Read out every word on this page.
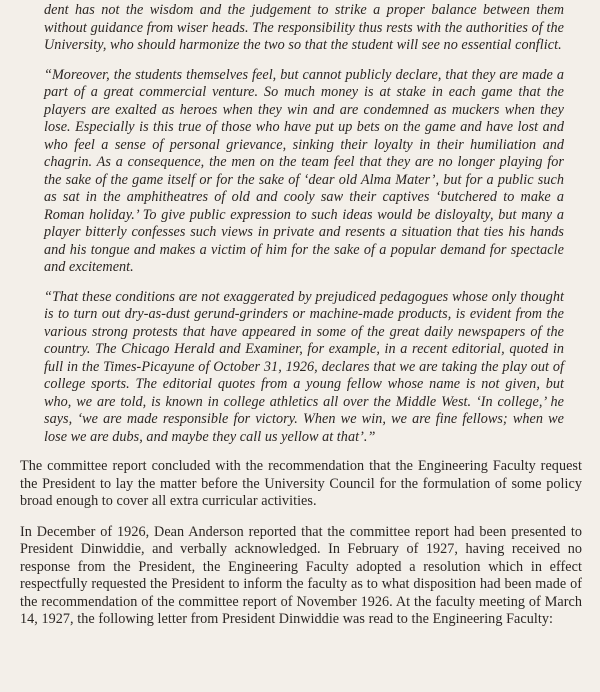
dent has not the wisdom and the judgement to strike a proper balance between them without guidance from wiser heads. The responsibility thus rests with the authorities of the University, who should harmonize the two so that the student will see no essential conflict.

“Moreover, the students themselves feel, but cannot publicly declare, that they are made a part of a great commercial venture. So much money is at stake in each game that the players are exalted as heroes when they win and are condemned as muckers when they lose. Especially is this true of those who have put up bets on the game and have lost and who feel a sense of personal grievance, sinking their loyalty in their humiliation and chagrin. As a consequence, the men on the team feel that they are no longer playing for the sake of the game itself or for the sake of ‘dear old Alma Mater’, but for a public such as sat in the amphitheatres of old and cooly saw their captives ‘butchered to make a Roman holiday.’ To give public expression to such ideas would be disloyalty, but many a player bitterly confesses such views in private and resents a situation that ties his hands and his tongue and makes a victim of him for the sake of a popular demand for spectacle and excitement.

“That these conditions are not exaggerated by prejudiced pedagogues whose only thought is to turn out dry-as-dust gerund-grinders or machine-made products, is evident from the various strong protests that have appeared in some of the great daily newspapers of the country. The Chicago Herald and Examiner, for example, in a recent editorial, quoted in full in the Times-Picayune of October 31, 1926, declares that we are taking the play out of college sports. The editorial quotes from a young fellow whose name is not given, but who, we are told, is known in college athletics all over the Middle West. ‘In college,’ he says, ‘we are made responsible for victory. When we win, we are fine fellows; when we lose we are dubs, and maybe they call us yellow at that’.”

The committee report concluded with the recommendation that the Engineering Faculty request the President to lay the matter before the University Council for the formulation of some policy broad enough to cover all extra curricular activities.

In December of 1926, Dean Anderson reported that the committee report had been presented to President Dinwiddie, and verbally acknowledged. In February of 1927, having received no response from the President, the Engineering Faculty adopted a resolution which in effect respectfully requested the President to inform the faculty as to what disposition had been made of the recommendation of the committee report of November 1926. At the faculty meeting of March 14, 1927, the following letter from President Dinwiddie was read to the Engineering Faculty:
